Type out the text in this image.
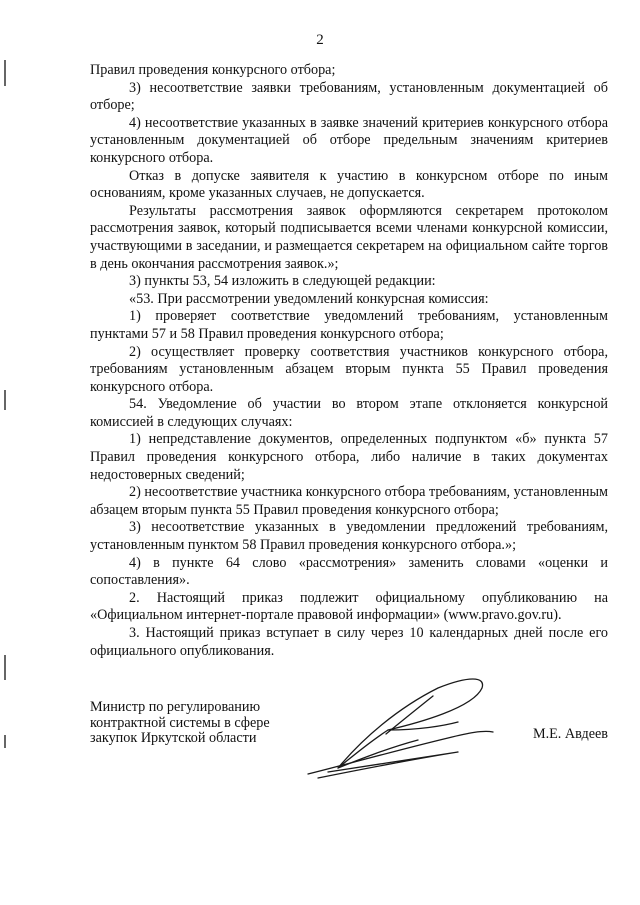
2

Правил проведения конкурсного отбора;

3) несоответствие заявки требованиям, установленным документацией об отборе;

4) несоответствие указанных в заявке значений критериев конкурсного отбора установленным документацией об отборе предельным значениям критериев конкурсного отбора.

Отказ в допуске заявителя к участию в конкурсном отборе по иным основаниям, кроме указанных случаев, не допускается.

Результаты рассмотрения заявок оформляются секретарем протоколом рассмотрения заявок, который подписывается всеми членами конкурсной комиссии, участвующими в заседании, и размещается секретарем на официальном сайте торгов в день окончания рассмотрения заявок.»;

3) пункты 53, 54 изложить в следующей редакции:

«53. При рассмотрении уведомлений конкурсная комиссия:

1) проверяет соответствие уведомлений требованиям, установленным пунктами 57 и 58 Правил проведения конкурсного отбора;

2) осуществляет проверку соответствия участников конкурсного отбора, требованиям установленным абзацем вторым пункта 55 Правил проведения конкурсного отбора.

54. Уведомление об участии во втором этапе отклоняется конкурсной комиссией в следующих случаях:

1) непредставление документов, определенных подпунктом «б» пункта 57 Правил проведения конкурсного отбора, либо наличие в таких документах недостоверных сведений;

2) несоответствие участника конкурсного отбора требованиям, установленным абзацем вторым пункта 55 Правил проведения конкурсного отбора;

3) несоответствие указанных в уведомлении предложений требованиям, установленным пунктом 58 Правил проведения конкурсного отбора.»;

4) в пункте 64 слово «рассмотрения» заменить словами «оценки и сопоставления».

2. Настоящий приказ подлежит официальному опубликованию на «Официальном интернет-портале правовой информации» (www.pravo.gov.ru).

3. Настоящий приказ вступает в силу через 10 календарных дней после его официального опубликования.

Министр по регулированию
контрактной системы в сфере
закупок Иркутской области	М.Е. Авдеев
